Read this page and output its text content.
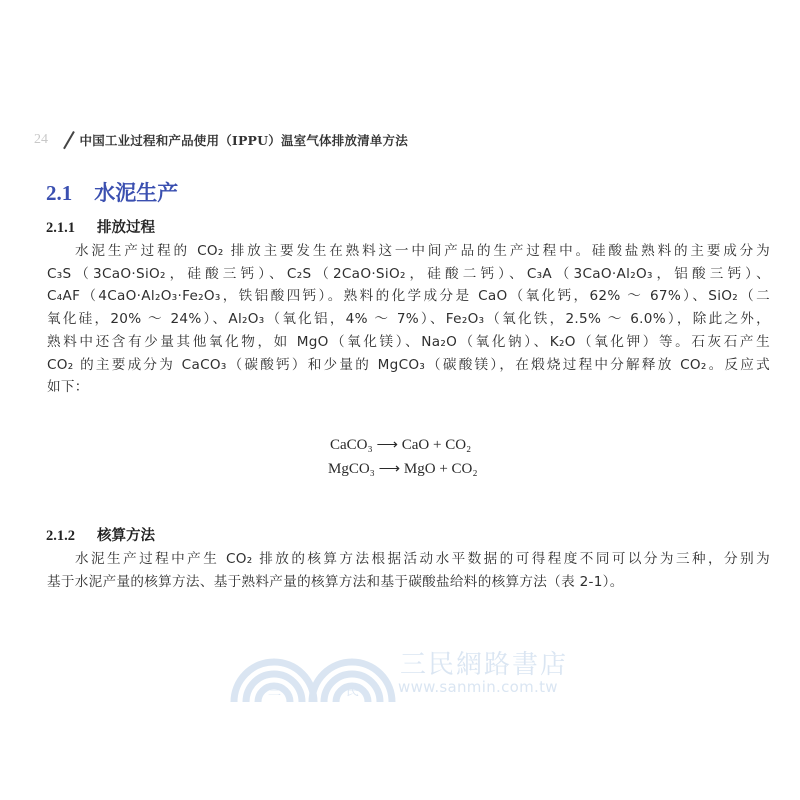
24	中国工业过程和产品使用（IPPU）温室气体排放清单方法
2.1 水泥生产
2.1.1 排放过程
水泥生产过程的 CO₂ 排放主要发生在熟料这一中间产品的生产过程中。硅酸盐熟料的主要成分为
C₃S（3CaO·SiO₂，硅酸三钙）、C₂S（2CaO·SiO₂，硅酸二钙）、C₃A（3CaO·Al₂O₃，铝酸三钙）、
C₄AF（4CaO·Al₂O₃·Fe₂O₃，铁铝酸四钙）。熟料的化学成分是 CaO（氧化钙，62% ～ 67%）、SiO₂（二
氧化硅，20% ～ 24%）、Al₂O₃（氧化铝，4% ～ 7%）、Fe₂O₃（氧化铁，2.5% ～ 6.0%），除此之外，
熟料中还含有少量其他氧化物，如 MgO（氧化镁）、Na₂O（氧化钠）、K₂O（氧化钾）等。石灰石产生
CO₂ 的主要成分为 CaCO₃（碳酸钙）和少量的 MgCO₃（碳酸镁），在煅烧过程中分解释放 CO₂。反应式
如下：
CaCO₃ ⟶ CaO + CO₂
MgCO₃ ⟶ MgO + CO₂
2.1.2 核算方法
水泥生产过程中产生 CO₂ 排放的核算方法根据活动水平数据的可得程度不同可以分为三种，分别为
基于水泥产量的核算方法、基于熟料产量的核算方法和基于碳酸盐给料的核算方法（表 2-1）。
三	民
三民網路書店
www.sanmin.com.tw
